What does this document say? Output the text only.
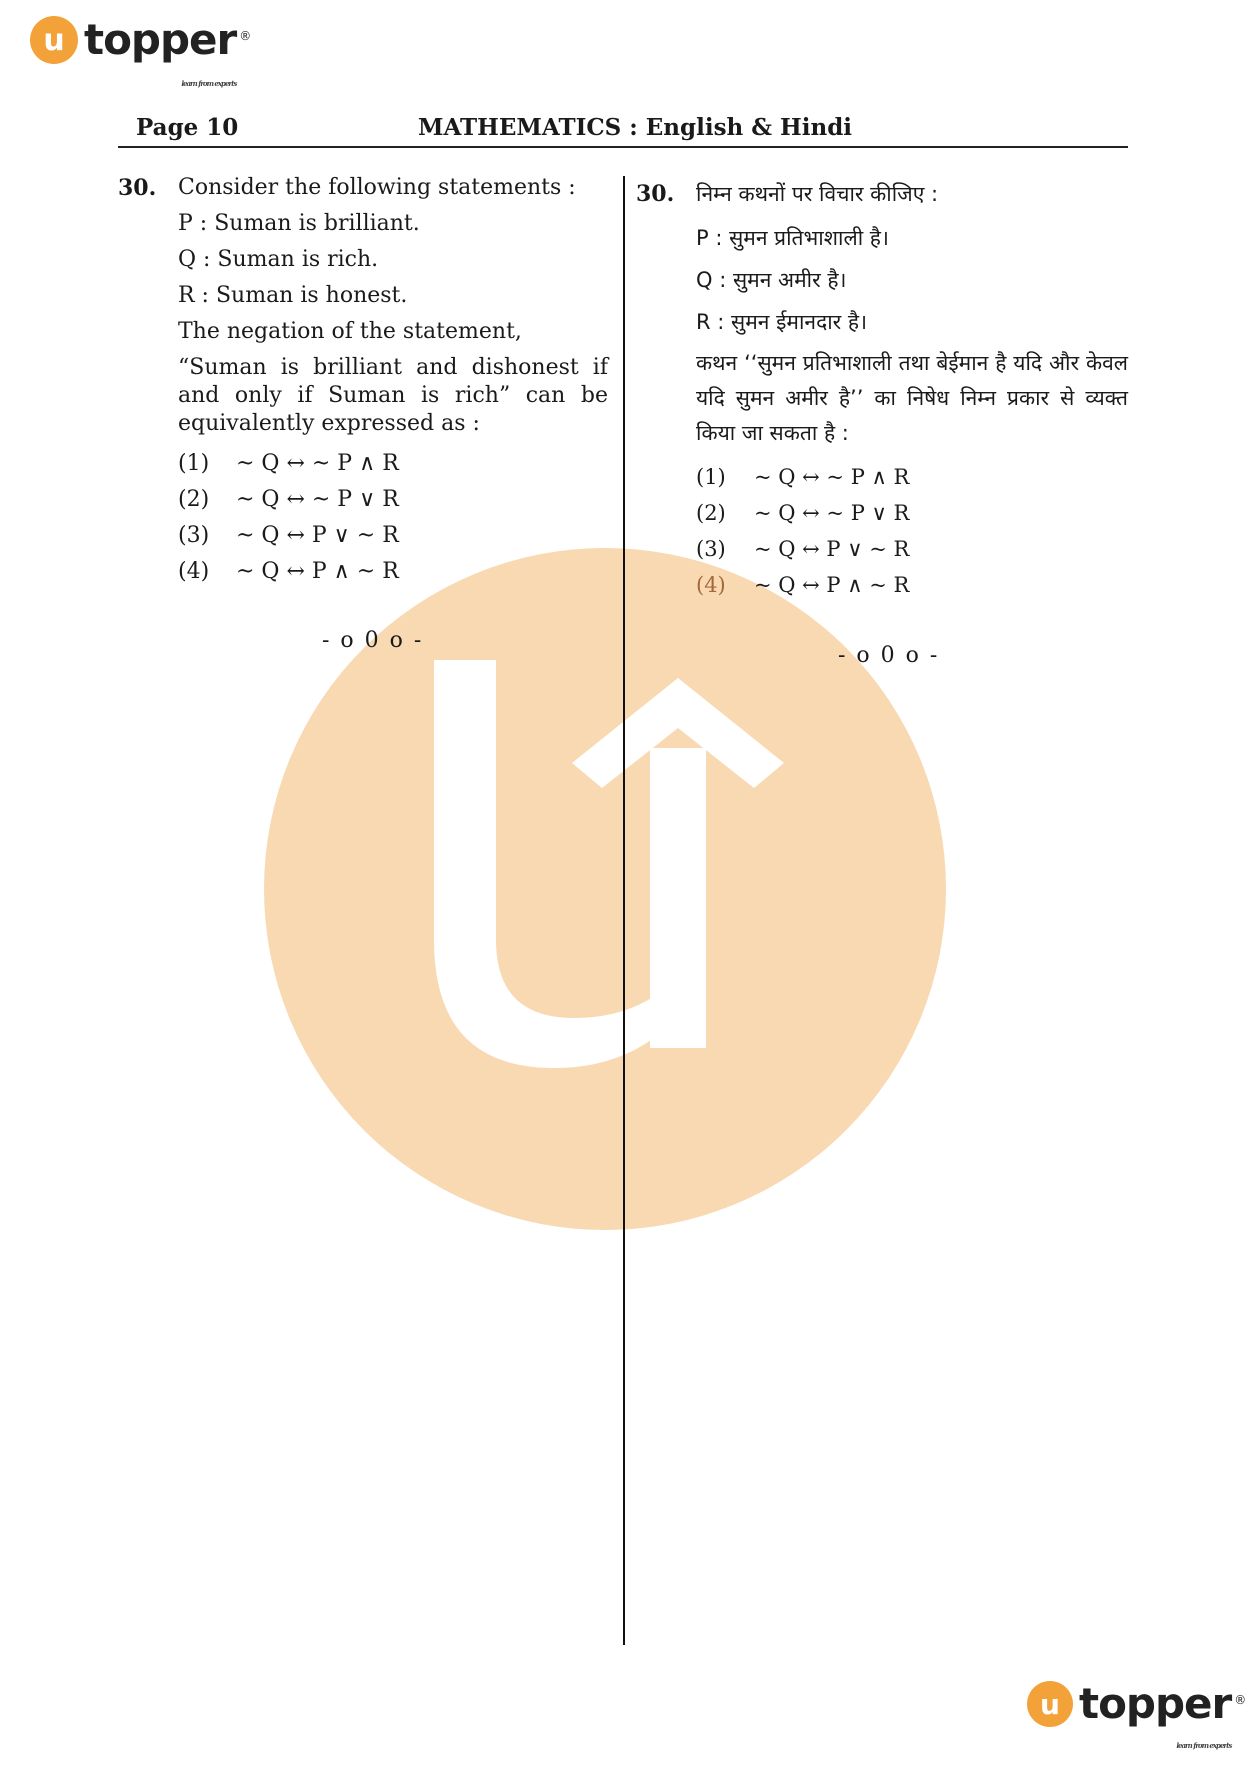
u topper ®
learn from experts
Page 10	MATHEMATICS : English & Hindi
30. Consider the following statements :

P : Suman is brilliant.

Q : Suman is rich.

R : Suman is honest.

The negation of the statement,

“Suman is brilliant and dishonest if and only if Suman is rich” can be equivalently expressed as :

(1)	~ Q ↔ ~ P ∧ R
(2)	~ Q ↔ ~ P ∨ R
(3)	~ Q ↔ P ∨ ~ R
(4)	~ Q ↔ P ∧ ~ R
- o 0 o -
30. निम्न कथनों पर विचार कीजिए :

P : सुमन प्रतिभाशाली है।

Q : सुमन अमीर है।

R : सुमन ईमानदार है।

कथन ‘‘सुमन प्रतिभाशाली तथा बेईमान है यदि और केवल यदि सुमन अमीर है’’ का निषेध निम्न प्रकार से व्यक्त किया जा सकता है :

(1)	~ Q ↔ ~ P ∧ R
(2)	~ Q ↔ ~ P ∨ R
(3)	~ Q ↔ P ∨ ~ R
(4)	~ Q ↔ P ∧ ~ R
- o 0 o -
u topper ®
learn from experts
